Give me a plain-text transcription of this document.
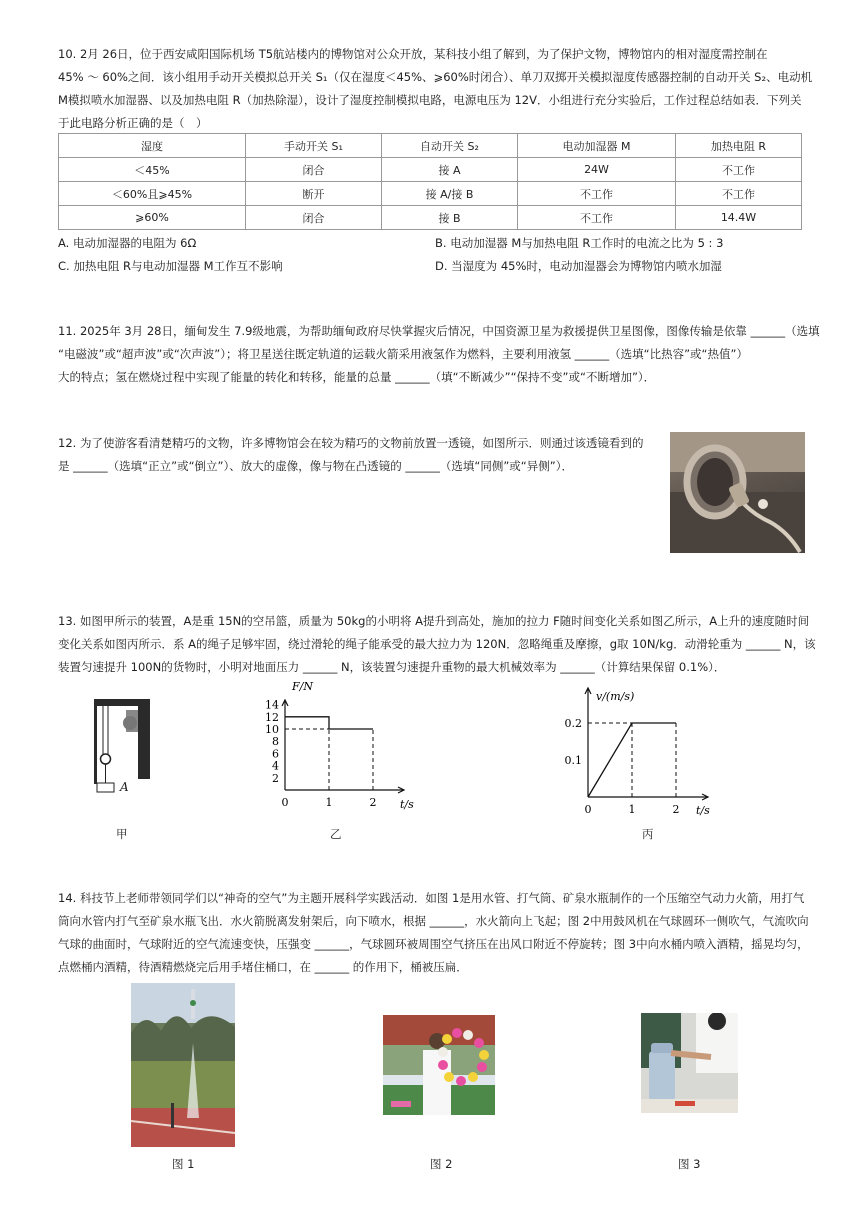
10. 2月 26日，位于西安咸阳国际机场 T5航站楼内的博物馆对公众开放，某科技小组了解到，为了保护文物，博物馆内的相对湿度需控制在
45% ～ 60%之间．该小组用手动开关模拟总开关 S₁（仅在湿度＜45%、⩾60%时闭合）、单刀双掷开关模拟湿度传感器控制的自动开关 S₂、电动机
M模拟喷水加湿器、以及加热电阻 R（加热除湿），设计了湿度控制模拟电路，电源电压为 12V．小组进行充分实验后，工作过程总结如表．下列关
于此电路分析正确的是（　）
湿度	手动开关 S₁	自动开关 S₂	电动加湿器 M	加热电阻 R
＜45%	闭合	接 A	24W	不工作
＜60%且⩾45%	断开	接 A/接 B	不工作	不工作
⩾60%	闭合	接 B	不工作	14.4W
A. 电动加湿器的电阻为 6Ω	B. 电动加湿器 M与加热电阻 R工作时的电流之比为 5 : 3
C. 加热电阻 R与电动加湿器 M工作互不影响	D. 当湿度为 45%时，电动加湿器会为博物馆内喷水加湿
11. 2025年 3月 28日，缅甸发生 7.9级地震，为帮助缅甸政府尽快掌握灾后情况，中国资源卫星为救援提供卫星图像，图像传输是依靠 ______（选填
“电磁波”或“超声波”或“次声波”）；将卫星送往既定轨道的运载火箭采用液氢作为燃料，主要利用液氢 ______（选填“比热容”或“热值”）
大的特点；氢在燃烧过程中实现了能量的转化和转移，能量的总量 ______（填“不断减少”“保持不变”或“不断增加”）．
12. 为了使游客看清楚精巧的文物，许多博物馆会在较为精巧的文物前放置一透镜，如图所示．则通过该透镜看到的
是 ______（选填“正立”或“倒立”）、放大的虚像，像与物在凸透镜的 ______（选填“同侧”或“异侧”）．
13. 如图甲所示的装置，A是重 15N的空吊篮，质量为 50kg的小明将 A提升到高处，施加的拉力 F随时间变化关系如图乙所示，A上升的速度随时间
变化关系如图丙所示．系 A的绳子足够牢固，绕过滑轮的绳子能承受的最大拉力为 120N．忽略绳重及摩擦，g取 10N/kg．动滑轮重为 ______ N，该
装置匀速提升 100N的货物时，小明对地面压力 ______ N，该装置匀速提升重物的最大机械效率为 ______（计算结果保留 0.1%）．
A
甲
2
4
6
8
10
12
14
0	1	2
F/N
t/s
乙
0.1
0.2
0	1	2
v/(m/s)
t/s
丙
14. 科技节上老师带领同学们以“神奇的空气”为主题开展科学实践活动．如图 1是用水管、打气筒、矿泉水瓶制作的一个压缩空气动力火箭，用打气
筒向水管内打气至矿泉水瓶飞出．水火箭脱离发射架后，向下喷水，根据 ______，水火箭向上飞起；图 2中用鼓风机在气球圆环一侧吹气，气流吹向
气球的曲面时，气球附近的空气流速变快，压强变 ______，气球圆环被周围空气挤压在出风口附近不停旋转；图 3中向水桶内喷入酒精，摇晃均匀，
点燃桶内酒精，待酒精燃烧完后用手堵住桶口，在 ______ 的作用下，桶被压扁．
图 1	图 2	图 3
